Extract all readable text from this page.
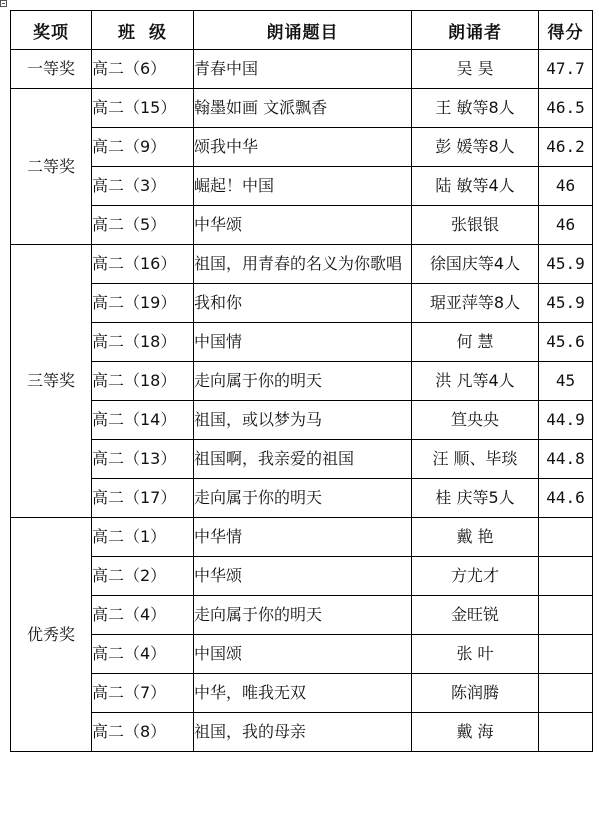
奖项	班 级	朗诵题目	朗诵者	得分
一等奖	高二（6）	青春中国	吴 昊	47.7
二等奖	高二（15）	翰墨如画 文派飘香	王 敏等8人	46.5
	高二（9）	颂我中华	彭 媛等8人	46.2
	高二（3）	崛起！中国	陆 敏等4人	46
	高二（5）	中华颂	张银银	46
三等奖	高二（16）	祖国，用青春的名义为你歌唱	徐国庆等4人	45.9
	高二（19）	我和你	琚亚萍等8人	45.9
	高二（18）	中国情	何 慧	45.6
	高二（18）	走向属于你的明天	洪 凡等4人	45
	高二（14）	祖国，或以梦为马	笪央央	44.9
	高二（13）	祖国啊，我亲爱的祖国	汪 顺、毕琰	44.8
	高二（17）	走向属于你的明天	桂 庆等5人	44.6
优秀奖	高二（1）	中华情	戴 艳	
	高二（2）	中华颂	方尤才	
	高二（4）	走向属于你的明天	金旺锐	
	高二（4）	中国颂	张 叶	
	高二（7）	中华，唯我无双	陈润腾	
	高二（8）	祖国，我的母亲	戴 海	
